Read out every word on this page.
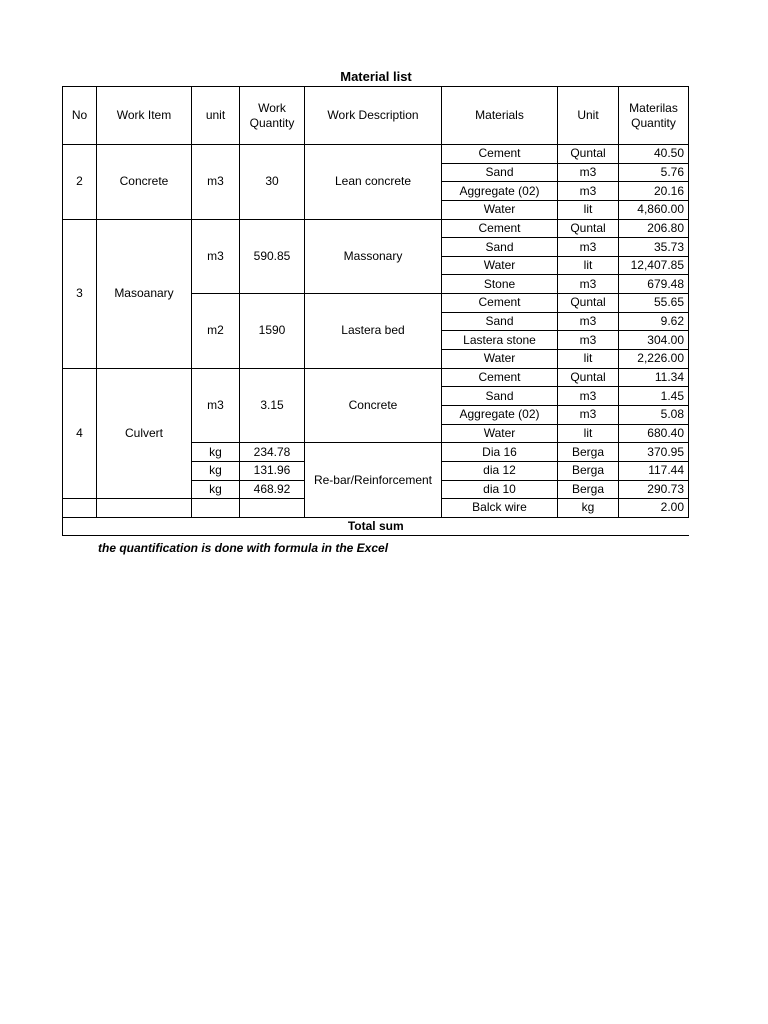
Material list
No	Work Item	unit	Work Quantity	Work Description	Materials	Unit	Materilas Quantity
2	Concrete	m3	30	Lean concrete	Cement	Quntal	40.50
					Sand	m3	5.76
					Aggregate (02)	m3	20.16
					Water	lit	4,860.00
3	Masoanary	m3	590.85	Massonary	Cement	Quntal	206.80
					Sand	m3	35.73
					Water	lit	12,407.85
					Stone	m3	679.48
		m2	1590	Lastera bed	Cement	Quntal	55.65
					Sand	m3	9.62
					Lastera stone	m3	304.00
					Water	lit	2,226.00
4	Culvert	m3	3.15	Concrete	Cement	Quntal	11.34
					Sand	m3	1.45
					Aggregate (02)	m3	5.08
					Water	lit	680.40
		kg	234.78	Re-bar/Reinforcement	Dia 16	Berga	370.95
		kg	131.96		dia 12	Berga	117.44
		kg	468.92		dia 10	Berga	290.73
					Balck wire	kg	2.00
Total sum							
the quantification is done with formula in the Excel
